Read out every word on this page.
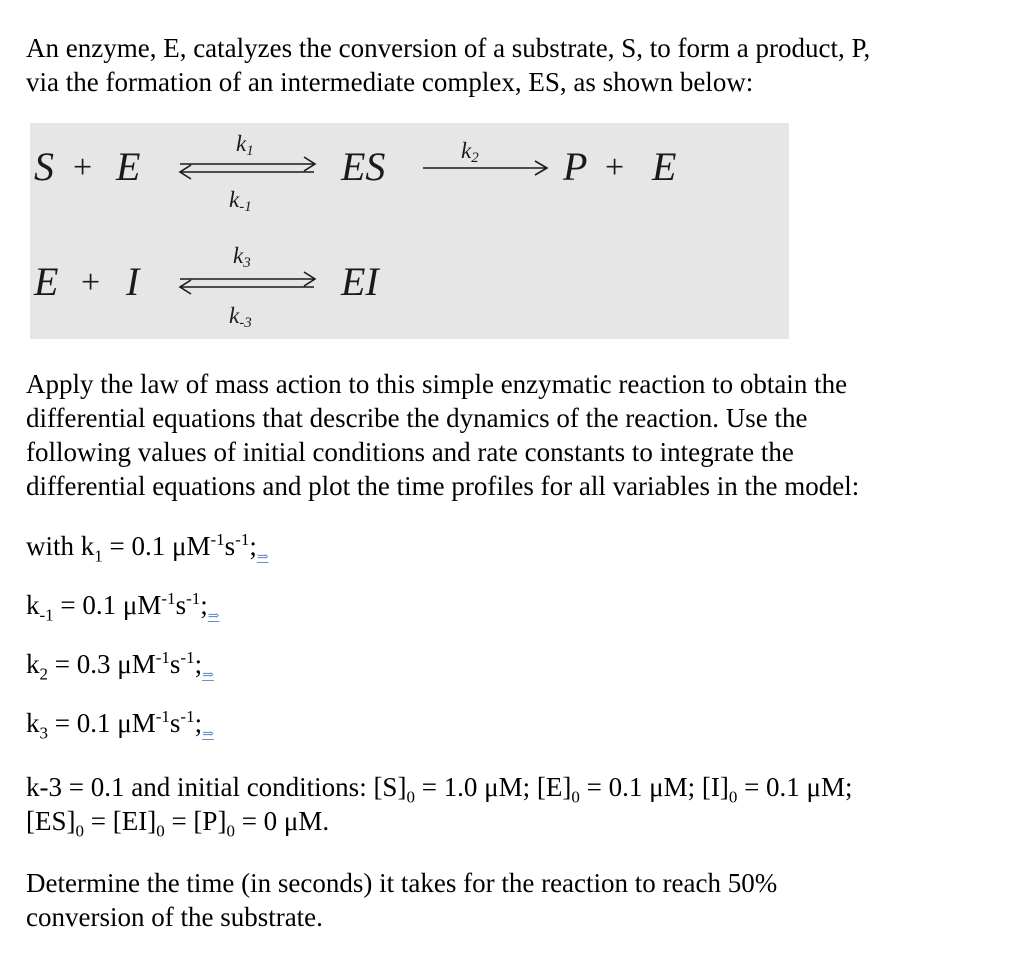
An enzyme, E, catalyzes the conversion of a substrate, S, to form a product, P,
via the formation of an intermediate complex, ES, as shown below:
S + E
k1
k-1
ES	k2 P + E
E + I
k3
k-3
EI
Apply the law of mass action to this simple enzymatic reaction to obtain the
differential equations that describe the dynamics of the reaction. Use the
following values of initial conditions and rate constants to integrate the
differential equations and plot the time profiles for all variables in the model:
with $k_1 = 0.1$ $\mu M^{-1}s^{-1};_\Rightarrow$
$k_{-1} = 0.1$ $\mu M^{-1}s^{-1};_\Rightarrow$
$k_2 = 0.3$ $\mu M^{-1}s^{-1};_\Rightarrow$
$k_3 = 0.1$ $\mu M^{-1}s^{-1};_\Rightarrow$
k-3 = 0.1 and initial conditions: $[S]_0 = 1.0$ μM; $[E]_0 = 0.1$ μM; $[I]_0 = 0.1$ μM;
$[ES]_0 = [EI]_0 = [P]_0 = 0$ μM.
Determine the time (in seconds) it takes for the reaction to reach 50%
conversion of the substrate.
